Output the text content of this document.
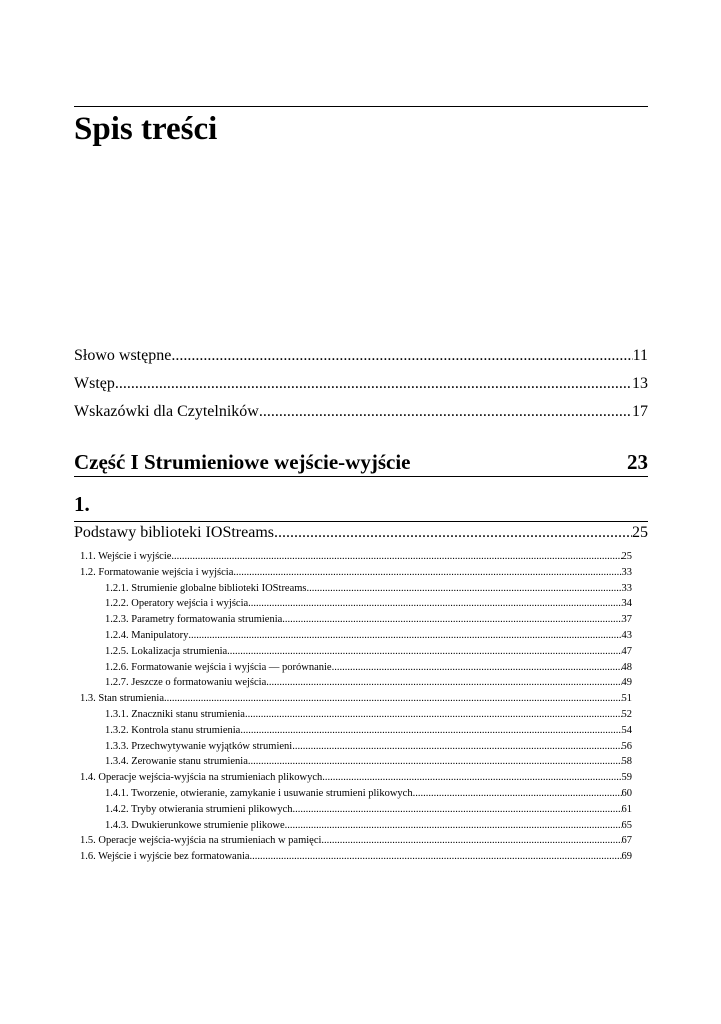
Spis treści
Słowo wstępne .....	11
Wstęp .....	13
Wskazówki dla Czytelników .....	17
Część I Strumieniowe wejście-wyjście	23
1.
Podstawy biblioteki IOStreams .....	25
1.1. Wejście i wyjście .....	25
1.2. Formatowanie wejścia i wyjścia .....	33
1.2.1. Strumienie globalne biblioteki IOStreams .....	33
1.2.2. Operatory wejścia i wyjścia .....	34
1.2.3. Parametry formatowania strumienia .....	37
1.2.4. Manipulatory .....	43
1.2.5. Lokalizacja strumienia .....	47
1.2.6. Formatowanie wejścia i wyjścia — porównanie .....	48
1.2.7. Jeszcze o formatowaniu wejścia .....	49
1.3. Stan strumienia .....	51
1.3.1. Znaczniki stanu strumienia .....	52
1.3.2. Kontrola stanu strumienia .....	54
1.3.3. Przechwytywanie wyjątków strumieni .....	56
1.3.4. Zerowanie stanu strumienia .....	58
1.4. Operacje wejścia-wyjścia na strumieniach plikowych .....	59
1.4.1. Tworzenie, otwieranie, zamykanie i usuwanie strumieni plikowych .....	60
1.4.2. Tryby otwierania strumieni plikowych .....	61
1.4.3. Dwukierunkowe strumienie plikowe .....	65
1.5. Operacje wejścia-wyjścia na strumieniach w pamięci .....	67
1.6. Wejście i wyjście bez formatowania .....	69
